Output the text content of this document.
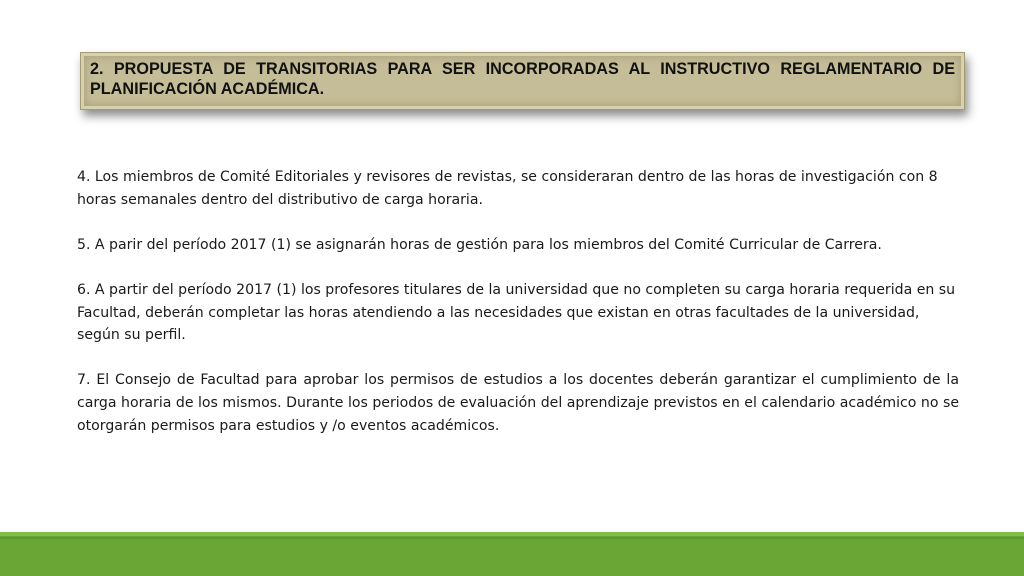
2. PROPUESTA DE TRANSITORIAS PARA SER INCORPORADAS AL INSTRUCTIVO REGLAMENTARIO DE PLANIFICACIÓN ACADÉMICA.

4. Los miembros de Comité Editoriales y revisores de revistas, se consideraran dentro de las horas de investigación con 8 horas semanales dentro del distributivo de carga horaria.

5. A parir del período 2017 (1) se asignarán horas de gestión para los miembros del Comité Curricular de Carrera.

6. A partir del período 2017 (1) los profesores titulares de la universidad que no completen su carga horaria requerida en su Facultad, deberán completar las horas atendiendo a las necesidades que existan en otras facultades de la universidad, según su perfil.

7. El Consejo de Facultad para aprobar los permisos de estudios a los docentes deberán garantizar el cumplimiento de la carga horaria de los mismos. Durante los periodos de evaluación del aprendizaje previstos en el calendario académico no se otorgarán permisos para estudios y /o eventos académicos.
